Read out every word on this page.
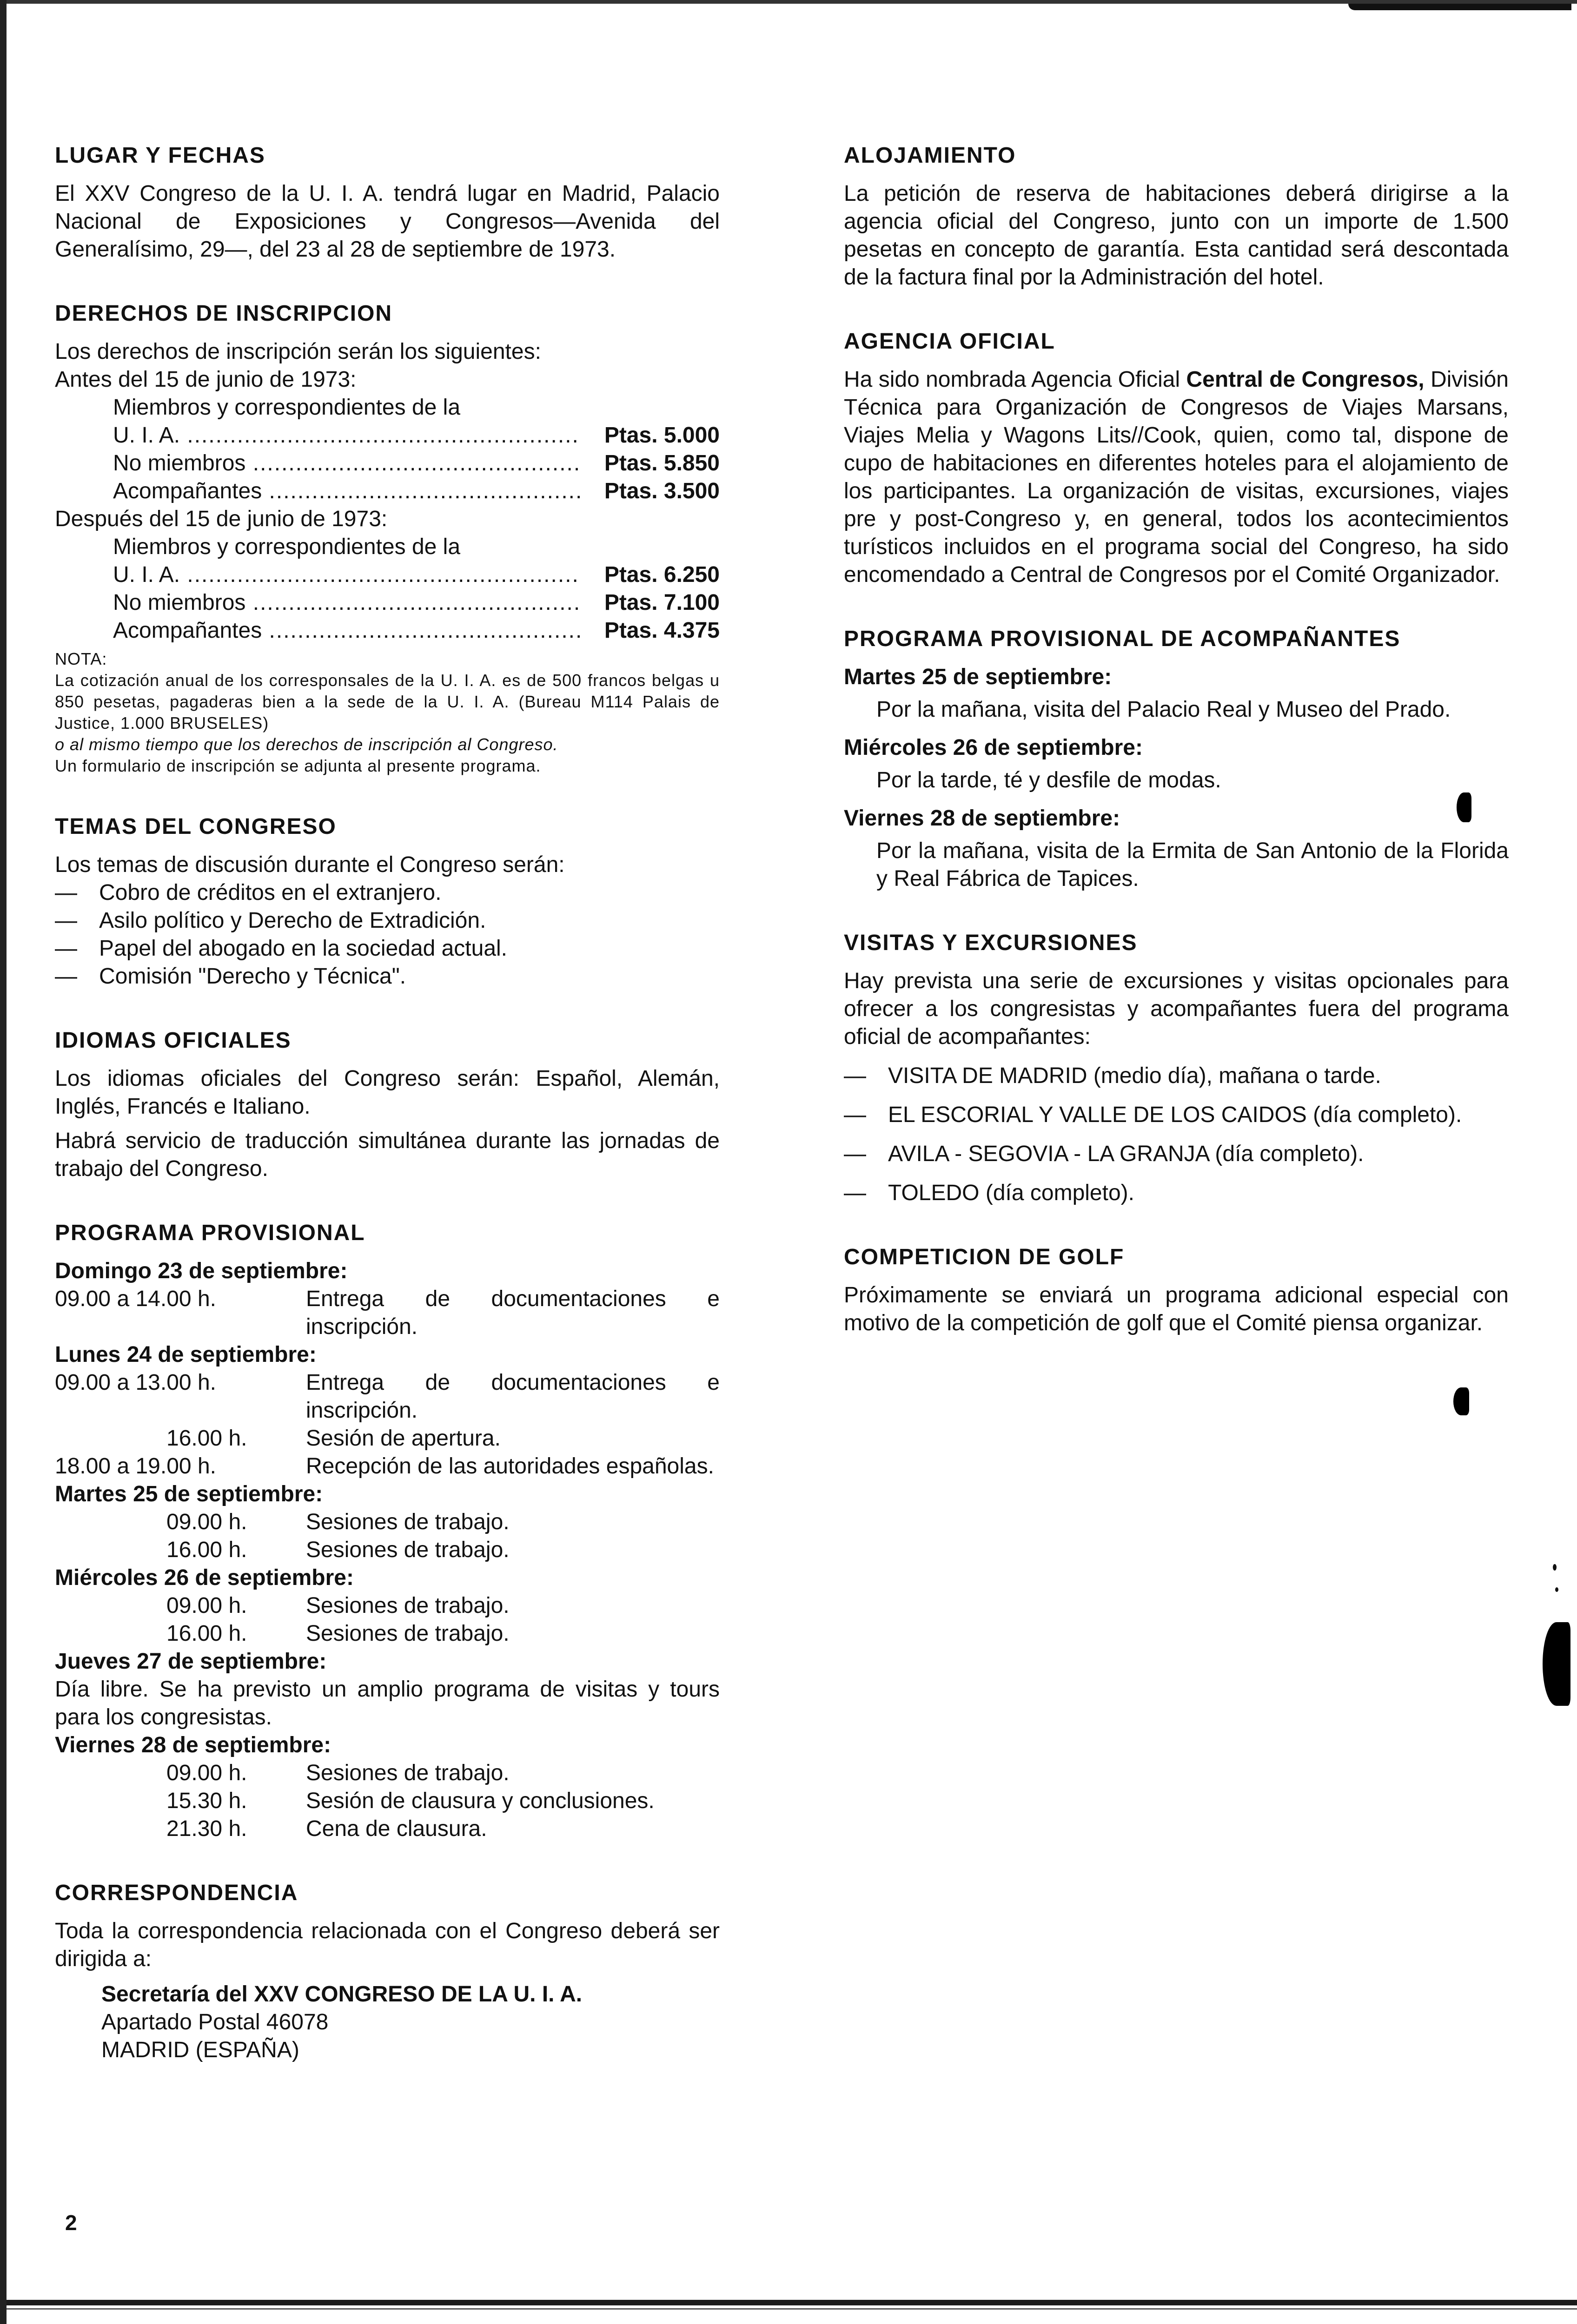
LUGAR Y FECHAS

El XXV Congreso de la U. I. A. tendrá lugar en Madrid, Palacio Nacional de Exposiciones y Congresos—Avenida del Generalísimo, 29—, del 23 al 28 de septiembre de 1973.

DERECHOS DE INSCRIPCION
Los derechos de inscripción serán los siguientes:
Antes del 15 de junio de 1973:
Miembros y correspondientes de la
U. I. A. .....	Ptas. 5.000
No miembros .....	Ptas. 5.850
Acompañantes .....	Ptas. 3.500
Después del 15 de junio de 1973:
Miembros y correspondientes de la
U. I. A. .....	Ptas. 6.250
No miembros .....	Ptas. 7.100
Acompañantes .....	Ptas. 4.375
NOTA:
La cotización anual de los corresponsales de la U. I. A. es de 500 francos belgas u 850 pesetas, pagaderas bien a la sede de la U. I. A. (Bureau M114 Palais de Justice, 1.000 BRUSELES)
o al mismo tiempo que los derechos de inscripción al Congreso.
Un formulario de inscripción se adjunta al presente programa.
TEMAS DEL CONGRESO
Los temas de discusión durante el Congreso serán:
— Cobro de créditos en el extranjero.
— Asilo político y Derecho de Extradición.
— Papel del abogado en la sociedad actual.
— Comisión "Derecho y Técnica".
IDIOMAS OFICIALES

Los idiomas oficiales del Congreso serán: Español, Alemán, Inglés, Francés e Italiano.

Habrá servicio de traducción simultánea durante las jornadas de trabajo del Congreso.

PROGRAMA PROVISIONAL
Domingo 23 de septiembre:
09.00 a 14.00 h.	Entrega de documentaciones e inscripción.
Lunes 24 de septiembre:
09.00 a 13.00 h.	Entrega de documentaciones e inscripción.
16.00 h.	Sesión de apertura.
18.00 a 19.00 h.	Recepción de las autoridades españolas.
Martes 25 de septiembre:
09.00 h.	Sesiones de trabajo.
16.00 h.	Sesiones de trabajo.
Miércoles 26 de septiembre:
09.00 h.	Sesiones de trabajo.
16.00 h.	Sesiones de trabajo.
Jueves 27 de septiembre:

Día libre. Se ha previsto un amplio programa de visitas y tours para los congresistas.

Viernes 28 de septiembre:
09.00 h.	Sesiones de trabajo.
15.30 h.	Sesión de clausura y conclusiones.
21.30 h.	Cena de clausura.
CORRESPONDENCIA

Toda la correspondencia relacionada con el Congreso deberá ser dirigida a:

Secretaría del XXV CONGRESO DE LA U. I. A.
Apartado Postal 46078
MADRID (ESPAÑA)
ALOJAMIENTO

La petición de reserva de habitaciones deberá dirigirse a la agencia oficial del Congreso, junto con un importe de 1.500 pesetas en concepto de garantía. Esta cantidad será descontada de la factura final por la Administración del hotel.

AGENCIA OFICIAL

Ha sido nombrada Agencia Oficial Central de Congresos, División Técnica para Organización de Congresos de Viajes Marsans, Viajes Melia y Wagons Lits//Cook, quien, como tal, dispone de cupo de habitaciones en diferentes hoteles para el alojamiento de los participantes. La organización de visitas, excursiones, viajes pre y post-Congreso y, en general, todos los acontecimientos turísticos incluidos en el programa social del Congreso, ha sido encomendado a Central de Congresos por el Comité Organizador.

PROGRAMA PROVISIONAL DE ACOMPAÑANTES
Martes 25 de septiembre:
Por la mañana, visita del Palacio Real y Museo del Prado.
Miércoles 26 de septiembre:
Por la tarde, té y desfile de modas.
Viernes 28 de septiembre:
Por la mañana, visita de la Ermita de San Antonio de la Florida y Real Fábrica de Tapices.
VISITAS Y EXCURSIONES

Hay prevista una serie de excursiones y visitas opcionales para ofrecer a los congresistas y acompañantes fuera del programa oficial de acompañantes:

— VISITA DE MADRID (medio día), mañana o tarde.
— EL ESCORIAL Y VALLE DE LOS CAIDOS (día completo).
— AVILA - SEGOVIA - LA GRANJA (día completo).
— TOLEDO (día completo).
COMPETICION DE GOLF

Próximamente se enviará un programa adicional especial con motivo de la competición de golf que el Comité piensa organizar.

2
